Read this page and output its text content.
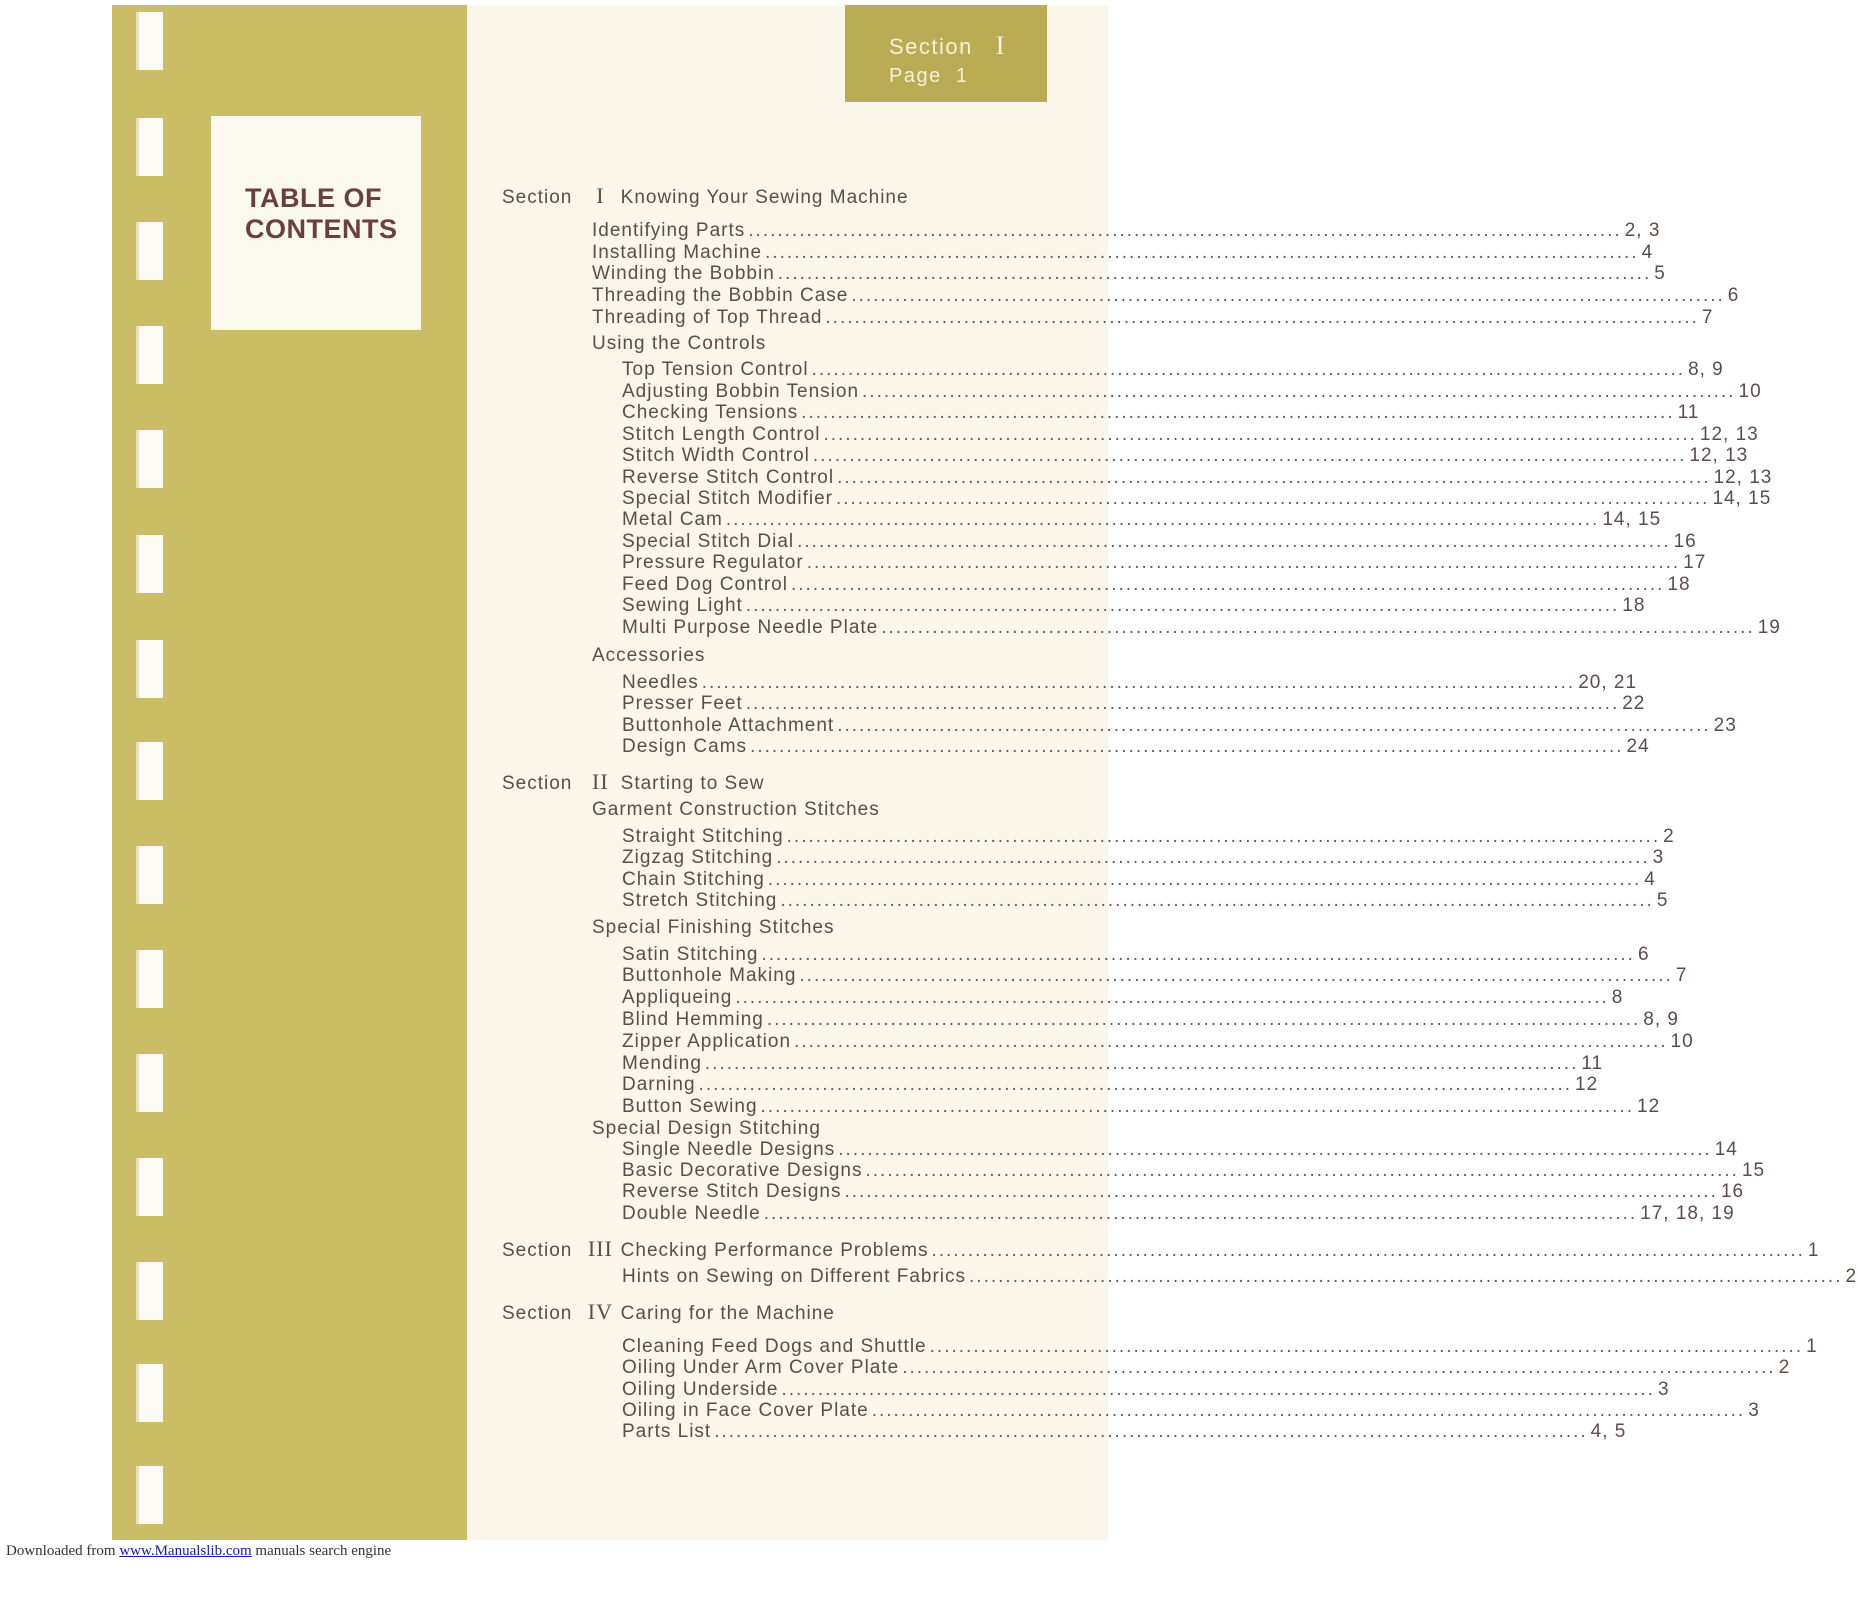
TABLE OF
CONTENTS
Section I
Page 1
Section I Knowing Your Sewing Machine
Identifying Parts ........................................................................................................................ 2, 3
Installing Machine ........................................................................................................................ 4
Winding the Bobbin ........................................................................................................................ 5
Threading the Bobbin Case ........................................................................................................................ 6
Threading of Top Thread ........................................................................................................................ 7
Using the Controls
Top Tension Control ........................................................................................................................ 8, 9
Adjusting Bobbin Tension ........................................................................................................................ 10
Checking Tensions ........................................................................................................................ 11
Stitch Length Control ........................................................................................................................ 12, 13
Stitch Width Control ........................................................................................................................ 12, 13
Reverse Stitch Control ........................................................................................................................ 12, 13
Special Stitch Modifier ........................................................................................................................ 14, 15
Metal Cam ........................................................................................................................ 14, 15
Special Stitch Dial ........................................................................................................................ 16
Pressure Regulator ........................................................................................................................ 17
Feed Dog Control ........................................................................................................................ 18
Sewing Light ........................................................................................................................ 18
Multi Purpose Needle Plate ........................................................................................................................ 19
Accessories
Needles ........................................................................................................................ 20, 21
Presser Feet ........................................................................................................................ 22
Buttonhole Attachment ........................................................................................................................ 23
Design Cams ........................................................................................................................ 24
Section II Starting to Sew
Garment Construction Stitches
Straight Stitching ........................................................................................................................ 2
Zigzag Stitching ........................................................................................................................ 3
Chain Stitching ........................................................................................................................ 4
Stretch Stitching ........................................................................................................................ 5
Special Finishing Stitches
Satin Stitching ........................................................................................................................ 6
Buttonhole Making ........................................................................................................................ 7
Appliqueing ........................................................................................................................ 8
Blind Hemming ........................................................................................................................ 8, 9
Zipper Application ........................................................................................................................ 10
Mending ........................................................................................................................ 11
Darning ........................................................................................................................ 12
Button Sewing ........................................................................................................................ 12
Special Design Stitching
Single Needle Designs ........................................................................................................................ 14
Basic Decorative Designs ........................................................................................................................ 15
Reverse Stitch Designs ........................................................................................................................ 16
Double Needle ........................................................................................................................ 17, 18, 19
Section III Checking Performance Problems ........................................................................................................................ 1
Hints on Sewing on Different Fabrics ........................................................................................................................ 2
Section IV Caring for the Machine
Cleaning Feed Dogs and Shuttle ........................................................................................................................ 1
Oiling Under Arm Cover Plate ........................................................................................................................ 2
Oiling Underside ........................................................................................................................ 3
Oiling in Face Cover Plate ........................................................................................................................ 3
Parts List ........................................................................................................................ 4, 5
Downloaded from www.Manualslib.com manuals search engine
